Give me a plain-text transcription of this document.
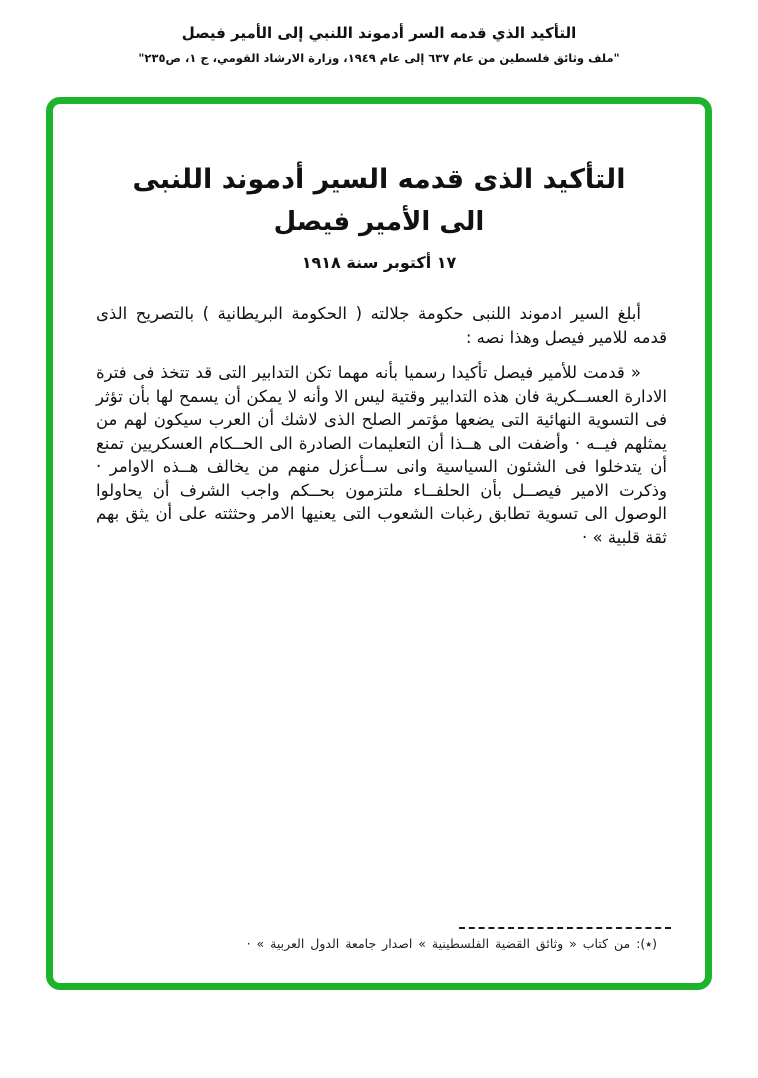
التأكيد الذي قدمه السر أدموند اللنبي إلى الأمير فيصل
"ملف وثائق فلسطين من عام ٦٣٧ إلى عام ١٩٤٩، وزارة الارشاد القومي، ج ١، ص٢٣٥"
التأكيد الذى قدمه السير أدموند اللنبى
الى الأمير فيصل
١٧ أكتوبر سنة ١٩١٨

أبلغ السير ادموند اللنبى حكومة جلالته ( الحكومة البريطانية ) بالتصريح الذى قدمه للامير فيصل وهذا نصه :

« قدمت للأمير فيصل تأكيدا رسميا بأنه مهما تكن التدابير التى قد تتخذ فى فترة الادارة العســكرية فان هذه التدابير وقتية ليس الا وأنه لا يمكن أن يسمح لها بأن تؤثر فى التسوية النهائية التى يضعها مؤتمر الصلح الذى لاشك أن العرب سيكون لهم من يمثلهم فيــه · وأضفت الى هــذا أن التعليمات الصادرة الى الحــكام العسكريين تمنع أن يتدخلوا فى الشئون السياسية وانى ســأعزل منهم من يخالف هــذه الاوامر · وذكرت الامير فيصــل بأن الحلفــاء ملتزمون بحــكم واجب الشرف أن يحاولوا الوصول الى تسوية تطابق رغبات الشعوب التى يعنيها الامر وحثثته على أن يثق بهم ثقة قلبية » ·

(٭): من كتاب « وثائق القضية الفلسطينية » اصدار جامعة الدول العربية » ·
